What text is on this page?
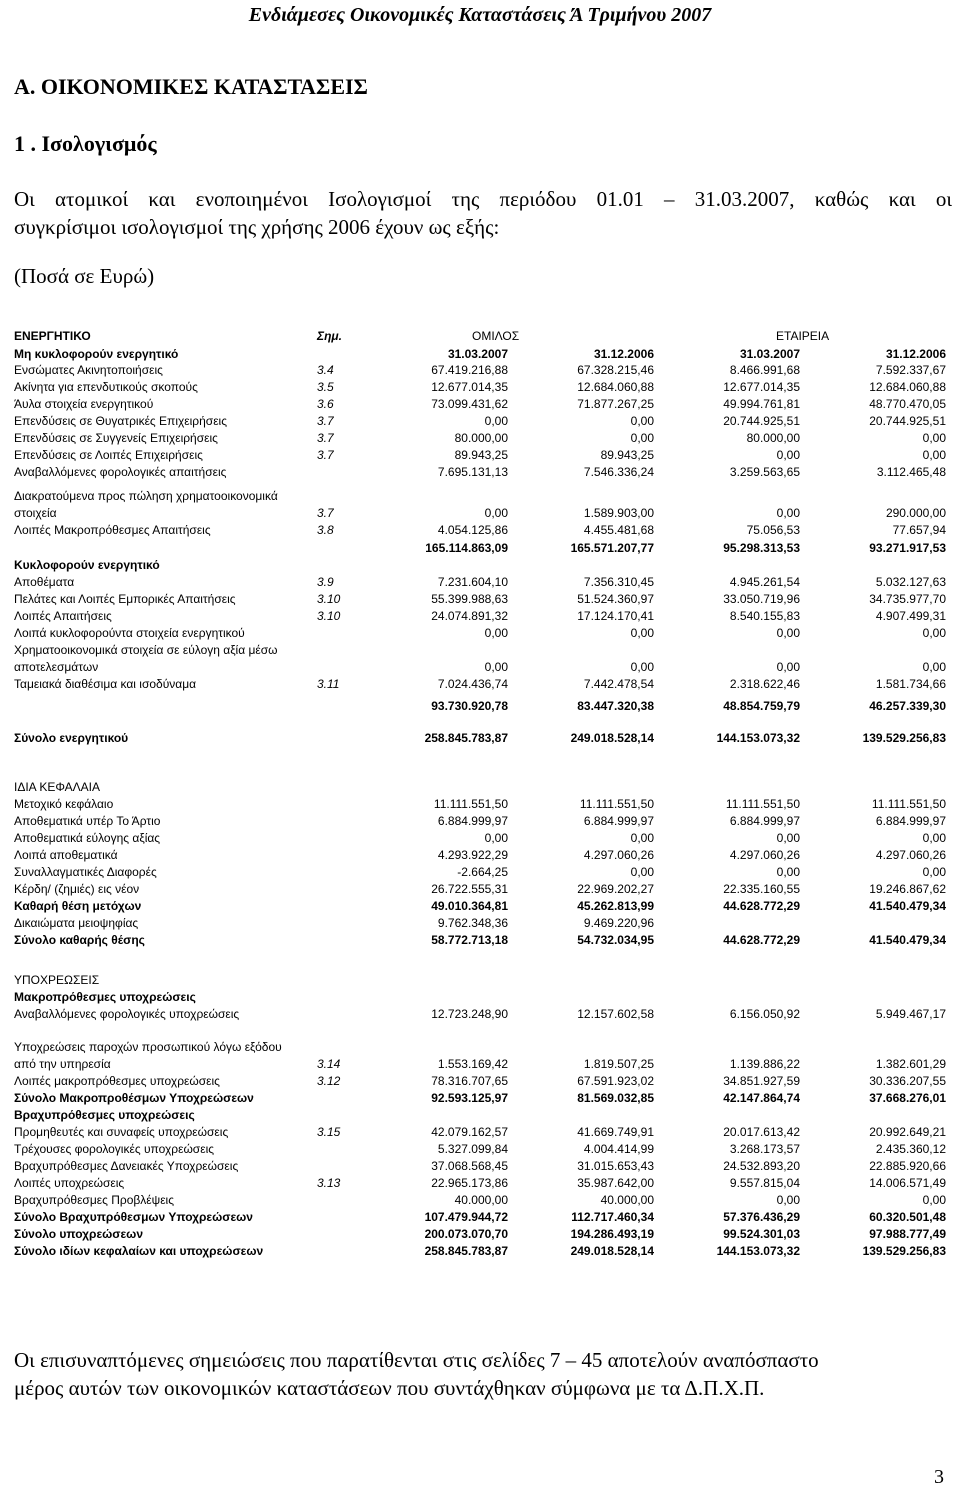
Ενδιάμεσες Οικονομικές Καταστάσεις Ά Τριμήνου 2007
Α. ΟΙΚΟΝΟΜΙΚΕΣ ΚΑΤΑΣΤΑΣΕΙΣ
1 . Ισολογισμός
Οι ατομικοί και ενοποιημένοι Ισολογισμοί της περιόδου 01.01 – 31.03.2007, καθώς και οι
συγκρίσιμοι ισολογισμοί της χρήσης 2006 έχουν ως εξής:
(Ποσά σε Ευρώ)
ΕΝΕΡΓΗΤΙΚΟ	Σημ.	ΟΜΙΛΟΣ	ΕΤΑΙΡΕΙΑ
Μη κυκλοφορούν ενεργητικό	31.03.2007	31.12.2006	31.03.2007	31.12.2006
Ενσώματες Ακινητοποιήσεις	3.4	67.419.216,88	67.328.215,46	8.466.991,68	7.592.337,67
Ακίνητα για επενδυτικούς σκοπούς	3.5	12.677.014,35	12.684.060,88	12.677.014,35	12.684.060,88
Άυλα στοιχεία ενεργητικού	3.6	73.099.431,62	71.877.267,25	49.994.761,81	48.770.470,05
Επενδύσεις σε Θυγατρικές Επιχειρήσεις	3.7	0,00	0,00	20.744.925,51	20.744.925,51
Επενδύσεις σε Συγγενείς Επιχειρήσεις	3.7	80.000,00	0,00	80.000,00	0,00
Επενδύσεις σε Λοιπές Επιχειρήσεις	3.7	89.943,25	89.943,25	0,00	0,00
Αναβαλλόμενες φορολογικές απαιτήσεις	7.695.131,13	7.546.336,24	3.259.563,65	3.112.465,48
Διακρατούμενα προς πώληση χρηματοοικονομικά
στοιχεία	3.7	0,00	1.589.903,00	0,00	290.000,00
Λοιπές Μακροπρόθεσμες Απαιτήσεις	3.8	4.054.125,86	4.455.481,68	75.056,53	77.657,94
165.114.863,09	165.571.207,77	95.298.313,53	93.271.917,53
Κυκλοφορούν ενεργητικό
Αποθέματα	3.9	7.231.604,10	7.356.310,45	4.945.261,54	5.032.127,63
Πελάτες και Λοιπές Εμπορικές Απαιτήσεις	3.10	55.399.988,63	51.524.360,97	33.050.719,96	34.735.977,70
Λοιπές Απαιτήσεις	3.10	24.074.891,32	17.124.170,41	8.540.155,83	4.907.499,31
Λοιπά κυκλοφορούντα στοιχεία ενεργητικού	0,00	0,00	0,00	0,00
Χρηματοοικονομικά στοιχεία σε εύλογη αξία μέσω
αποτελεσμάτων	0,00	0,00	0,00	0,00
Ταμειακά διαθέσιμα και ισοδύναμα	3.11	7.024.436,74	7.442.478,54	2.318.622,46	1.581.734,66
93.730.920,78	83.447.320,38	48.854.759,79	46.257.339,30
Σύνολο ενεργητικού	258.845.783,87	249.018.528,14	144.153.073,32	139.529.256,83
ΙΔΙΑ ΚΕΦΑΛΑΙΑ
Μετοχικό κεφάλαιο	11.111.551,50	11.111.551,50	11.111.551,50	11.111.551,50
Αποθεματικά υπέρ Το Άρτιο	6.884.999,97	6.884.999,97	6.884.999,97	6.884.999,97
Αποθεματικά εύλογης αξίας	0,00	0,00	0,00	0,00
Λοιπά αποθεματικά	4.293.922,29	4.297.060,26	4.297.060,26	4.297.060,26
Συναλλαγματικές Διαφορές	-2.664,25	0,00	0,00	0,00
Κέρδη/ (ζημιές) εις νέον	26.722.555,31	22.969.202,27	22.335.160,55	19.246.867,62
Καθαρή θέση μετόχων	49.010.364,81	45.262.813,99	44.628.772,29	41.540.479,34
Δικαιώματα μειοψηφίας	9.762.348,36	9.469.220,96
Σύνολο καθαρής θέσης	58.772.713,18	54.732.034,95	44.628.772,29	41.540.479,34
ΥΠΟΧΡΕΩΣΕΙΣ
Μακροπρόθεσμες υποχρεώσεις
Αναβαλλόμενες φορολογικές υποχρεώσεις	12.723.248,90	12.157.602,58	6.156.050,92	5.949.467,17
Υποχρεώσεις παροχών προσωπικού λόγω εξόδου
από την υπηρεσία	3.14	1.553.169,42	1.819.507,25	1.139.886,22	1.382.601,29
Λοιπές μακροπρόθεσμες υποχρεώσεις	3.12	78.316.707,65	67.591.923,02	34.851.927,59	30.336.207,55
Σύνολο Μακροπροθέσμων Υποχρεώσεων	92.593.125,97	81.569.032,85	42.147.864,74	37.668.276,01
Βραχυπρόθεσμες υποχρεώσεις
Προμηθευτές και συναφείς υποχρεώσεις	3.15	42.079.162,57	41.669.749,91	20.017.613,42	20.992.649,21
Τρέχουσες φορολογικές υποχρεώσεις	5.327.099,84	4.004.414,99	3.268.173,57	2.435.360,12
Βραχυπρόθεσμες Δανειακές Υποχρεώσεις	37.068.568,45	31.015.653,43	24.532.893,20	22.885.920,66
Λοιπές υποχρεώσεις	3.13	22.965.173,86	35.987.642,00	9.557.815,04	14.006.571,49
Βραχυπρόθεσμες Προβλέψεις	40.000,00	40.000,00	0,00	0,00
Σύνολο Βραχυπρόθεσμων Υποχρεώσεων	107.479.944,72	112.717.460,34	57.376.436,29	60.320.501,48
Σύνολο υποχρεώσεων	200.073.070,70	194.286.493,19	99.524.301,03	97.988.777,49
Σύνολο ιδίων κεφαλαίων και υποχρεώσεων	258.845.783,87	249.018.528,14	144.153.073,32	139.529.256,83
Οι επισυναπτόμενες σημειώσεις που παρατίθενται στις σελίδες 7 – 45 αποτελούν αναπόσπαστο
μέρος αυτών των οικονομικών καταστάσεων που συντάχθηκαν σύμφωνα με τα Δ.Π.Χ.Π.
3
